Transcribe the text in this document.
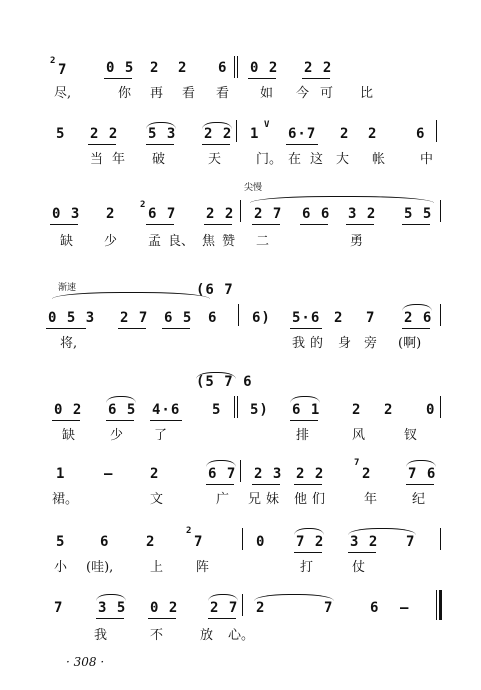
2
7	0 5 2 2 6 0 2 2 2
尽,	你 再 看 看 如 今 可 比
5 2 2 5 3 2 2 1
V
6·7 2 2	6
当 年 破	天	门。 在 这 大 帐	中
尖慢
0 3 2
2
6 7 2 2 2 7 6 6 3 2 5 5
缺 少 孟 良、 焦 赞 二	勇
渐速	(6 7
0 5 3 2 7 6 5 6 6) 5·6 2 7 2 6
将,	我 的 身 旁 (啊)
(5 7 6
0 2 6 5 4·6 5 5) 6 1 2 2 0
缺	少 了	排	风	钗
1	—	2	6 7 2 3 2 2
7
2	7 6
裙。	文	广 兄 妹 他 们	年	纪
5 6	2
2
7	0 7 2 3 2 7
小 (哇),	上	阵	打	仗
7 3 5 0 2 2 7 2	7	6 —
我	不	放 心。
· 308 ·
